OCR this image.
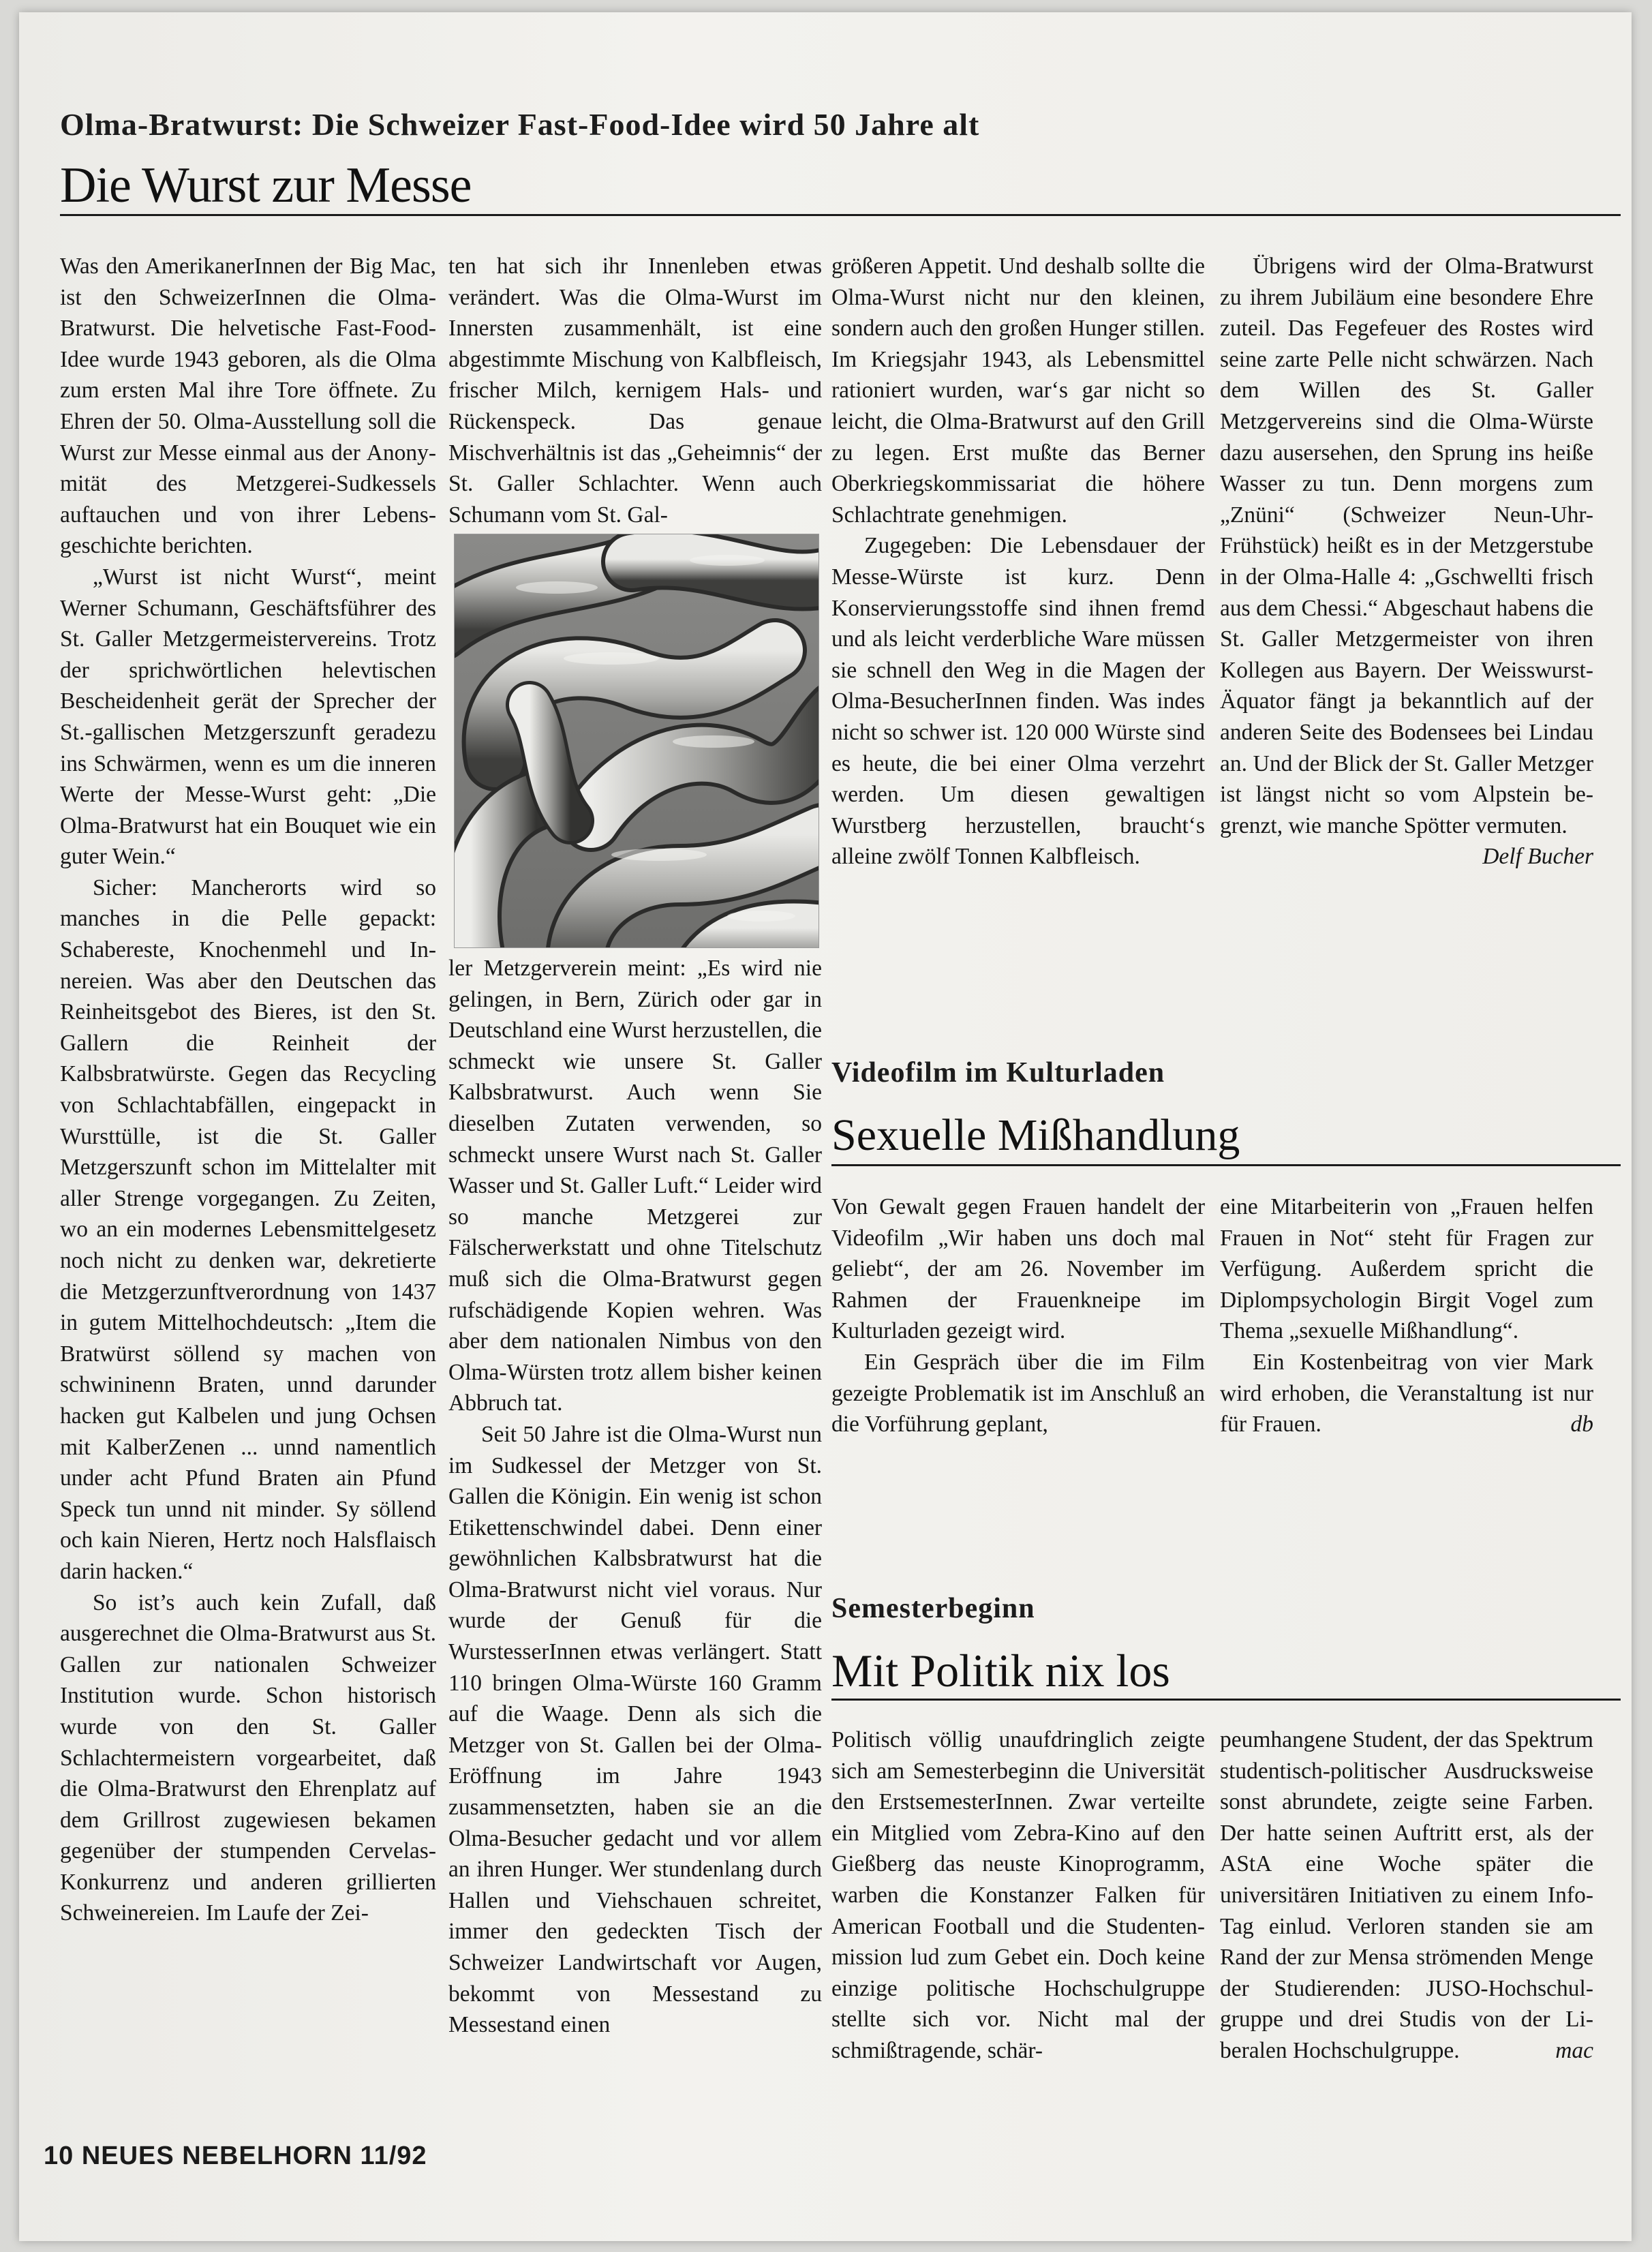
Olma-Bratwurst: Die Schweizer Fast-Food-Idee wird 50 Jahre alt
Die Wurst zur Messe

Was den AmerikanerInnen der Big Mac, ist den SchweizerInnen die Olma-Bratwurst. Die helvetische Fast-Food-Idee wurde 1943 geboren, als die Olma zum ersten Mal ihre Tore öffnete. Zu Ehren der 50. Olma-Ausstellung soll die Wurst zur Messe einmal aus der Anonymität des Metzgerei-Sudkessels auftauchen und von ihrer Lebensgeschichte berichten.

„Wurst ist nicht Wurst“, meint Werner Schumann, Geschäftsführer des St. Galler Metzgermeistervereins. Trotz der sprichwörtlichen helevtischen Bescheidenheit gerät der Sprecher der St.-gallischen Metzgerszunft geradezu ins Schwärmen, wenn es um die inneren Werte der Messe-Wurst geht: „Die Olma-Bratwurst hat ein Bouquet wie ein guter Wein.“

Sicher: Mancherorts wird so manches in die Pelle gepackt: Schabereste, Knochenmehl und Innereien. Was aber den Deutschen das Reinheitsgebot des Bieres, ist den St. Gallern die Reinheit der Kalbsbratwürste. Gegen das Recycling von Schlachtabfällen, eingepackt in Wursttülle, ist die St. Galler Metzgerszunft schon im Mittelalter mit aller Strenge vorgegangen. Zu Zeiten, wo an ein modernes Lebensmittelgesetz noch nicht zu denken war, dekretierte die Metzgerzunftverordnung von 1437 in gutem Mittelhochdeutsch: „Item die Bratwürst söllend sy machen von schwininenn Braten, unnd darunder hacken gut Kalbelen und jung Ochsen mit KalberZenen ... unnd namentlich under acht Pfund Braten ain Pfund Speck tun unnd nit minder. Sy söllend och kain Nieren, Hertz noch Halsflaisch darin hacken.“

So ist’s auch kein Zufall, daß ausgerechnet die Olma-Bratwurst aus St. Gallen zur nationalen Schweizer Institution wurde. Schon historisch wurde von den St. Galler Schlachtermeistern vorgearbeitet, daß die Olma-Bratwurst den Ehrenplatz auf dem Grillrost zugewiesen bekamen gegenüber der stumpenden Cervelas-Konkurrenz und anderen grillierten Schweinereien. Im Laufe der Zei-

ten hat sich ihr Innenleben etwas verändert. Was die Olma-Wurst im Innersten zusammenhält, ist eine abgestimmte Mischung von Kalbfleisch, frischer Milch, kernigem Hals- und Rückenspeck. Das genaue Mischverhältnis ist das „Geheimnis“ der St. Galler Schlachter. Wenn auch Schumann vom St. Gal-

ler Metzgerverein meint: „Es wird nie gelingen, in Bern, Zürich oder gar in Deutschland eine Wurst herzustellen, die schmeckt wie unsere St. Galler Kalbsbratwurst. Auch wenn Sie dieselben Zutaten verwenden, so schmeckt unsere Wurst nach St. Galler Wasser und St. Galler Luft.“ Leider wird so manche Metzgerei zur Fälscherwerkstatt und ohne Titelschutz muß sich die Olma-Bratwurst gegen rufschädigende Kopien wehren. Was aber dem nationalen Nimbus von den Olma-Würsten trotz allem bisher keinen Abbruch tat.

Seit 50 Jahre ist die Olma-Wurst nun im Sudkessel der Metzger von St. Gallen die Königin. Ein wenig ist schon Etikettenschwindel dabei. Denn einer gewöhnlichen Kalbsbratwurst hat die Olma-Bratwurst nicht viel voraus. Nur wurde der Genuß für die WurstesserInnen etwas verlängert. Statt 110 bringen Olma-Würste 160 Gramm auf die Waage. Denn als sich die Metzger von St. Gallen bei der Olma-Eröffnung im Jahre 1943 zusammensetzten, haben sie an die Olma-Besucher gedacht und vor allem an ihren Hunger. Wer stundenlang durch Hallen und Viehschauen schreitet, immer den gedeckten Tisch der Schweizer Landwirtschaft vor Augen, bekommt von Messestand zu Messestand einen

größeren Appetit. Und deshalb sollte die Olma-Wurst nicht nur den kleinen, sondern auch den großen Hunger stillen. Im Kriegsjahr 1943, als Lebensmittel rationiert wurden, war‘s gar nicht so leicht, die Olma-Bratwurst auf den Grill zu legen. Erst mußte das Berner Oberkriegskommissariat die höhere Schlachtrate genehmigen.

Zugegeben: Die Lebensdauer der Messe-Würste ist kurz. Denn Konservierungsstoffe sind ihnen fremd und als leicht verderbliche Ware müssen sie schnell den Weg in die Magen der Olma-BesucherInnen finden. Was indes nicht so schwer ist. 120 000 Würste sind es heute, die bei einer Olma verzehrt werden. Um diesen gewaltigen Wurstberg herzustellen, braucht‘s alleine zwölf Tonnen Kalbfleisch.

Übrigens wird der Olma-Bratwurst zu ihrem Jubiläum eine besondere Ehre zuteil. Das Fegefeuer des Rostes wird seine zarte Pelle nicht schwärzen. Nach dem Willen des St. Galler Metzgervereins sind die Olma-Würste dazu ausersehen, den Sprung ins heiße Wasser zu tun. Denn morgens zum „Znüni“ (Schweizer Neun-Uhr-Frühstück) heißt es in der Metzgerstube in der Olma-Halle 4: „Gschwellti frisch aus dem Chessi.“ Abgeschaut habens die St. Galler Metzgermeister von ihren Kollegen aus Bayern. Der Weisswurst-Äquator fängt ja bekanntlich auf der anderen Seite des Bodensees bei Lindau an. Und der Blick der St. Galler Metzger ist längst nicht so vom Alpstein begrenzt, wie manche Spötter vermuten.
Delf Bucher

Videofilm im Kulturladen
Sexuelle Mißhandlung

Von Gewalt gegen Frauen handelt der Videofilm „Wir haben uns doch mal geliebt“, der am 26. November im Rahmen der Frauenkneipe im Kulturladen gezeigt wird.

Ein Gespräch über die im Film gezeigte Problematik ist im Anschluß an die Vorführung geplant,

eine Mitarbeiterin von „Frauen helfen Frauen in Not“ steht für Fragen zur Verfügung. Außerdem spricht die Diplompsychologin Birgit Vogel zum Thema „sexuelle Mißhandlung“.

Ein Kostenbeitrag von vier Mark wird erhoben, die Veranstaltung ist nur für Frauen.	db

Semesterbeginn
Mit Politik nix los

Politisch völlig unaufdringlich zeigte sich am Semesterbeginn die Universität den ErstsemesterInnen. Zwar verteilte ein Mitglied vom Zebra-Kino auf den Gießberg das neuste Kinoprogramm, warben die Konstanzer Falken für American Football und die Studentenmission lud zum Gebet ein. Doch keine einzige politische Hochschulgruppe stellte sich vor. Nicht mal der schmißtragende, schär-

peumhangene Student, der das Spektrum studentisch-politischer Ausdrucksweise sonst abrundete, zeigte seine Farben. Der hatte seinen Auftritt erst, als der AStA eine Woche später die universitären Initiativen zu einem Info-Tag einlud. Verloren standen sie am Rand der zur Mensa strömenden Menge der Studierenden: JUSO-Hochschulgruppe und drei Studis von der Liberalen Hochschulgruppe.	mac

10 NEUES NEBELHORN 11/92
